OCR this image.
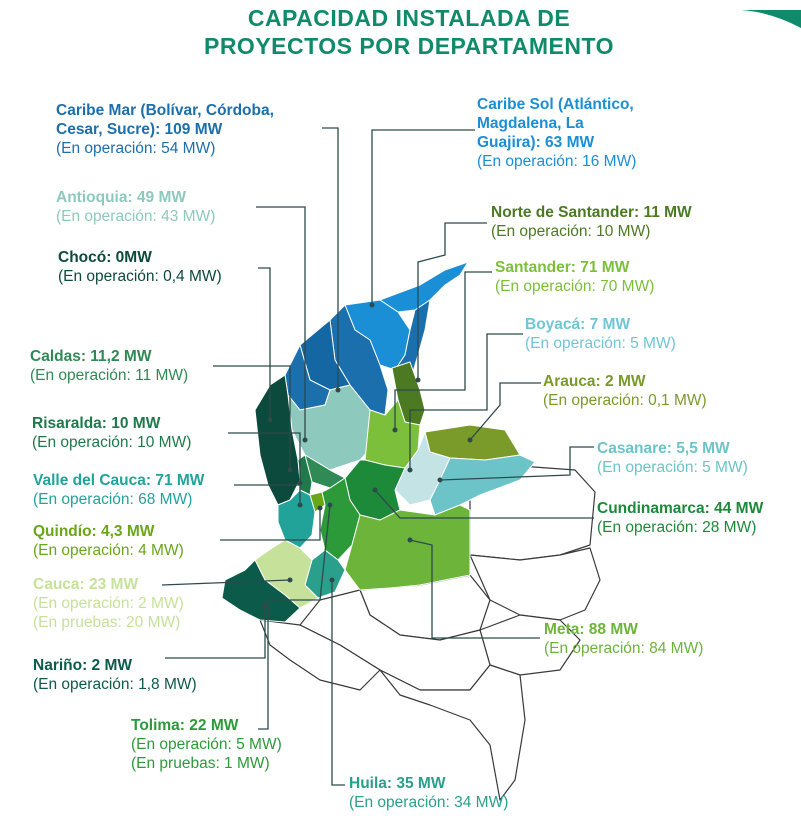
CAPACIDAD INSTALADA DE
PROYECTOS POR DEPARTAMENTO
Caribe Mar (Bolívar, Córdoba,
Cesar, Sucre): 109 MW
(En operación: 54 MW)
Caribe Sol (Atlántico,
Magdalena, La
Guajira): 63 MW
(En operación: 16 MW)
Antioquia: 49 MW
(En operación: 43 MW)	Norte de Santander: 11 MW
(En operación: 10 MW)
Chocó: 0MW
(En operación: 0,4 MW)
Santander: 71 MW
(En operación: 70 MW)
Boyacá: 7 MW
(En operación: 5 MW)
Caldas: 11,2 MW
(En operación: 11 MW)	Arauca: 2 MW
(En operación: 0,1 MW)
Risaralda: 10 MW
(En operación: 10 MW)	Casanare: 5,5 MW
(En operación: 5 MW)
Valle del Cauca: 71 MW
(En operación: 68 MW)
Cundinamarca: 44 MW
(En operación: 28 MW)
Quindío: 4,3 MW
(En operación: 4 MW)
Cauca: 23 MW
(En operación: 2 MW)
(En pruebas: 20 MW)	Meta: 88 MW
(En operación: 84 MW)
Nariño: 2 MW
(En operación: 1,8 MW)
Tolima: 22 MW
(En operación: 5 MW)
(En pruebas: 1 MW)
Huila: 35 MW
(En operación: 34 MW)
